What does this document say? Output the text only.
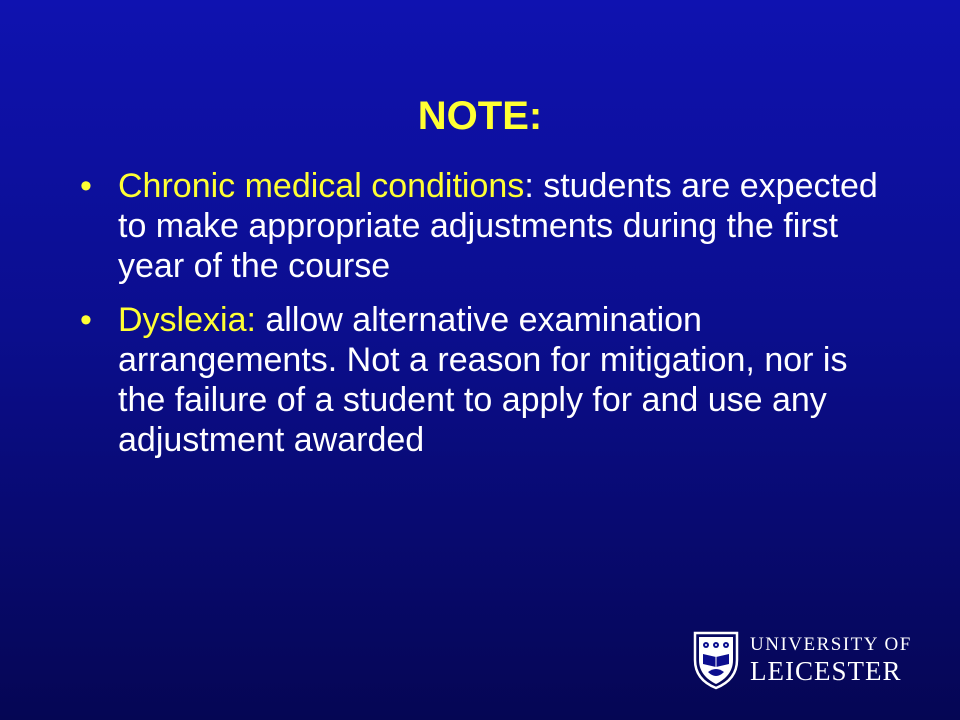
NOTE:
• Chronic medical conditions: students are expected to make appropriate adjustments during the first year of the course
• Dyslexia: allow alternative examination arrangements. Not a reason for mitigation, nor is the failure of a student to apply for and use any adjustment awarded
UNIVERSITY OF
LEICESTER
